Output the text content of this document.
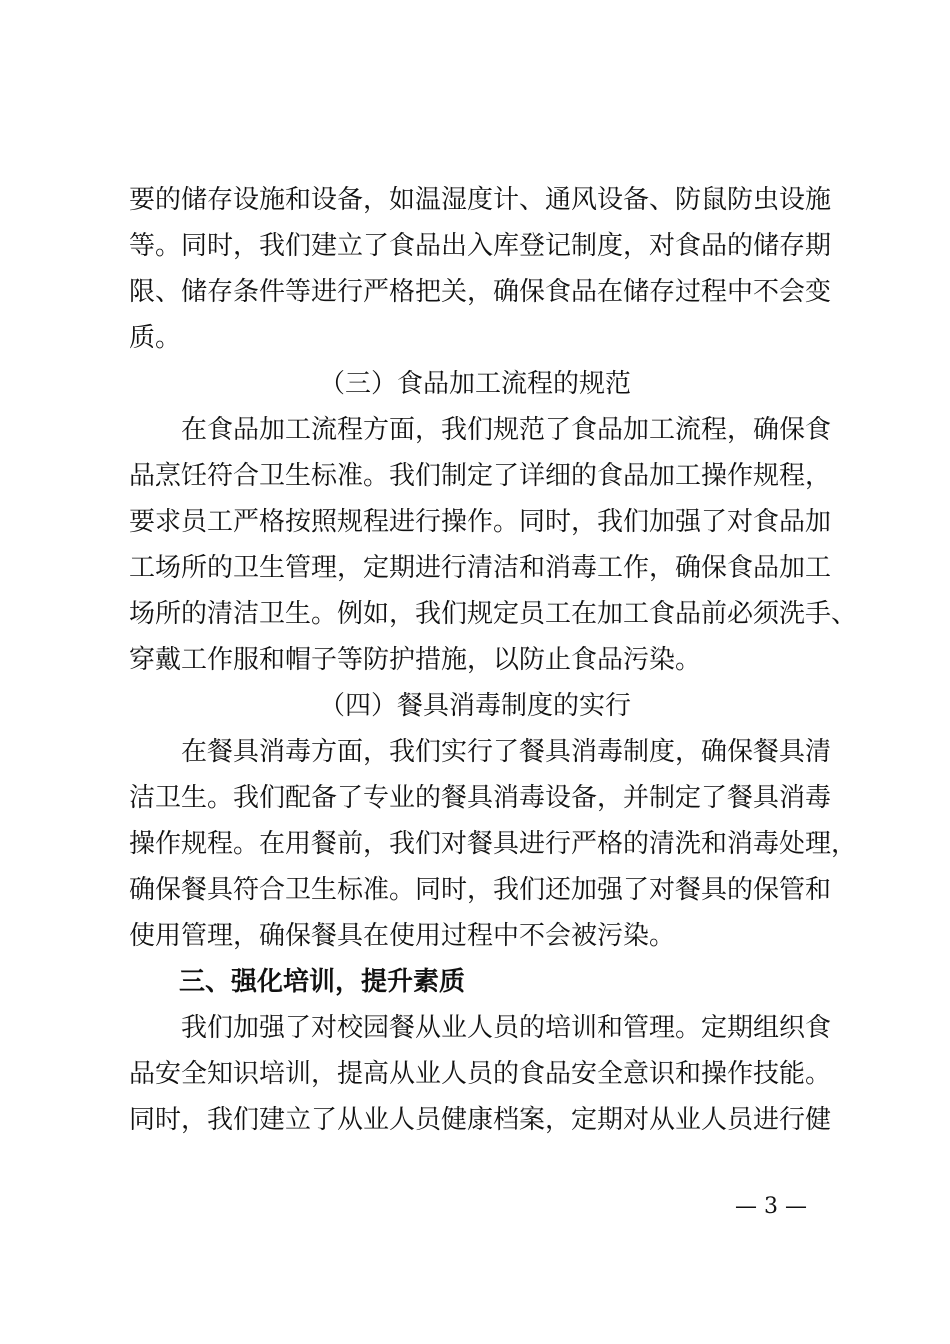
要的储存设施和设备，如温湿度计、通风设备、防鼠防虫设施

等。同时，我们建立了食品出入库登记制度，对食品的储存期

限、储存条件等进行严格把关，确保食品在储存过程中不会变

质。

（三）食品加工流程的规范

在食品加工流程方面，我们规范了食品加工流程，确保食

品烹饪符合卫生标准。我们制定了详细的食品加工操作规程，

要求员工严格按照规程进行操作。同时，我们加强了对食品加

工场所的卫生管理，定期进行清洁和消毒工作，确保食品加工

场所的清洁卫生。例如，我们规定员工在加工食品前必须洗手、

穿戴工作服和帽子等防护措施，以防止食品污染。

（四）餐具消毒制度的实行

在餐具消毒方面，我们实行了餐具消毒制度，确保餐具清

洁卫生。我们配备了专业的餐具消毒设备，并制定了餐具消毒

操作规程。在用餐前，我们对餐具进行严格的清洗和消毒处理，

确保餐具符合卫生标准。同时，我们还加强了对餐具的保管和

使用管理，确保餐具在使用过程中不会被污染。

三、强化培训，提升素质

我们加强了对校园餐从业人员的培训和管理。定期组织食

品安全知识培训，提高从业人员的食品安全意识和操作技能。

同时，我们建立了从业人员健康档案，定期对从业人员进行健

— 3 —
